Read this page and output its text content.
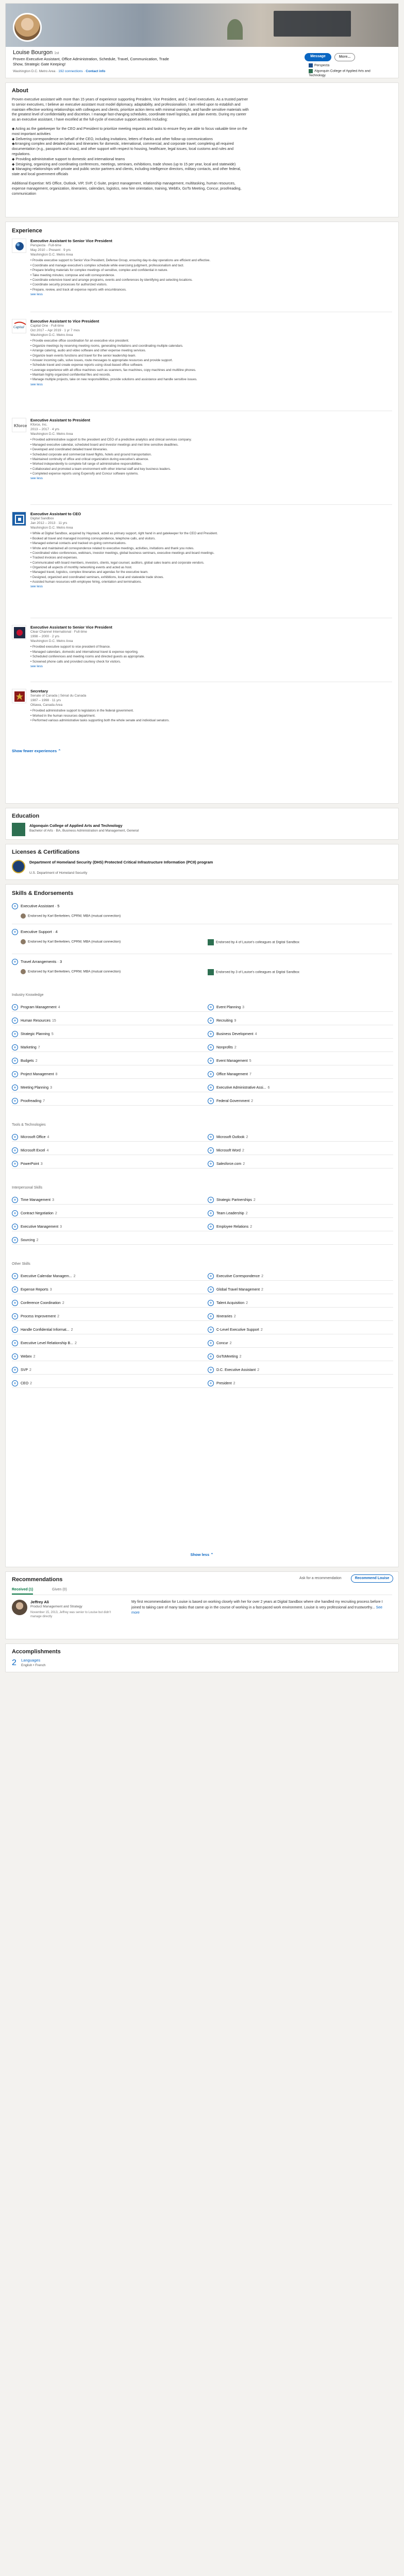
Louise Bourgon 1st
Proven Executive Assistant, Office Administration, Schedule, Travel, Communication, Trade Show, Strategic Gate Keeping!
Washington D.C. Metro Area · 192 connections · Contact info
Message	More...
Perspecta
Algonquin College of Applied Arts and Technology
About
Proven executive assistant with more than 15 years of experience supporting President, Vice President, and C-level executives. As a trusted partner to senior executives, I believe an executive assistant must model diplomacy, adaptability, and professionalism. I am relied upon to establish and maintain effective working relationships with colleagues and clients, prioritize action items with minimal oversight, and handle sensitive materials with the greatest level of confidentiality and discretion. I manage fast-changing schedules, coordinate travel logistics, and plan events. During my career as an executive assistant, I have excelled at the full-cycle of executive support activities including:
◆ Acting as the gatekeeper for the CEO and President to prioritize meeting requests and tasks to ensure they are able to focus valuable time on the most important activities
◆ Delivering correspondence on behalf of the CEO, including invitations, letters of thanks and other follow-up communications
◆Arranging complex and detailed plans and itineraries for domestic, international, commercial, and corporate travel; completing all required documentation (e.g., passports and visas), and other support with respect to housing, healthcare, legal issues, local customs and rules and regulations.
◆ Providing administrative support to domestic and international teams
◆ Designing, organizing and coordinating conferences, meetings, seminars, exhibitions, trade shows (up to 15 per year, local and statewide)
◆ Managing relationships with private and public sector partners and clients, including intelligence directors, military contacts, and other federal, state and local government officials
Additional Expertise: MS Office, Outlook, VIP, SVP, C-Suite, project management, relationship management, multitasking, human resources, expense management, organization, itineraries, calendars, logistics, new hire orientation, training, WebEx, GoTo Meeting, Concur, proofreading, communication
Experience
Executive Assistant to Senior Vice President
Perspecta · Full-time
May 2010 – Present · 9 yrs
Washington D.C. Metro Area
• Provide executive support to Senior Vice President, Defense Group, ensuring day-to-day operations are efficient and effective.
• Coordinate and manage executive's complex schedule while exercising judgment, professionalism and tact.
• Prepare briefing materials for complex meetings of sensitive, complex and confidential in nature.
• Take meeting minutes; compose and edit correspondence.
• Coordinate extensive travel and arrange programs, events and conferences by identifying and selecting locations.
• Coordinate security processes for authorized visitors.
• Prepare, review, and track all expense reports with encumbrances.
see less
Capital
Executive Assistant to Vice President
Capital One · Full-time
Oct 2017 – Apr 2019 · 1 yr 7 mos
Washington D.C. Metro Area
• Provide executive office coordination for an executive vice president.
• Organize meetings by reserving meeting rooms, generating invitations and coordinating multiple calendars.
• Arrange catering, audio and video software and other expense meeting services.
• Organize team events functions and travel for the senior leadership team.
• Answer incoming calls, solve issues, route messages to appropriate resources and provide support.
• Schedule travel and create expense reports using cloud-based office software.
• Leverage experience with all office machines such as scanners, fax machines, copy machines and multiline phones.
• Maintain highly organized confidential files and records.
• Manage multiple projects, take on new responsibilities, provide solutions and assistance and handle sensitive issues.
see less
Kforce
Executive Assistant to President
Kforce, Inc.
2013 – 2017 · 4 yrs
Washington D.C. Metro Area
• Provided administrative support to the president and CEO of a predictive analytics and clinical services company.
• Managed executive calendar, scheduled board and investor meetings and met time sensitive deadlines.
• Developed and coordinated detailed travel itineraries.
• Scheduled corporate and commercial travel flights, hotels and ground transportation.
• Maintained continuity of office and critical organization during executive's absence.
• Worked independently to complete full range of administrative responsibilities.
• Collaborated and promoted a team environment with other internal staff and key business leaders.
• Completed expense reports using Expensify and Concur software systems.
see less
Executive Assistant to CEO
Digital Sandbox
Jan 2012 – 2013 · 11 yrs
Washington D.C. Metro Area
• While at Digital Sandbox, acquired by Haystack, acted as primary support, right hand in and gatekeeper for the CEO and President.
• Booked all travel and managed incoming correspondence, telephone calls, and visitors.
• Managed external contacts and tracked on-going communications.
• Wrote and maintained all correspondence related to executive meetings, activities, invitations and thank you notes.
• Coordinated video conferences, webinars, investor meetings, global business seminars, executive meetings and board meetings.
• Tracked invoices and expenses.
• Communicated with board members, investors, clients, legal counsel, auditors, global sales teams and corporate vendors.
• Organized all aspects of monthly networking events and acted as host.
• Managed travel, logistics, complex itineraries and agendas for the executive team.
• Designed, organized and coordinated seminars, exhibitions, local and statewide trade shows.
• Assisted human resources with employee hiring, orientation and terminations.
see less
Executive Assistant to Senior Vice President
Clear Channel International · Full-time
1998 – 2000 · 2 yrs
Washington D.C. Metro Area
• Provided executive support to vice president of finance.
• Managed calendars, domestic and international travel & expense reporting.
• Scheduled conferences and meeting rooms and directed guests as appropriate.
• Screened phone calls and provided courtesy check for visitors.
see less
Secretary
Senate of Canada | Sénat du Canada
1987 – 1998 · 11 yrs
Ottawa, Canada Area
• Provided administrative support to legislators in the federal government.
• Worked in the human resources department.
• Performed various administrative tasks supporting both the whole senate and individual senators.
Show fewer experiences ⌃
Education
Algonquin College of Applied Arts and Technology
Bachelor of Arts · BA, Business Administration and Management, General
Licenses & Certifications
Department of Homeland Security (DHS) Protected Critical Infrastructure Information (PCII) program
U.S. Department of Homeland Security
Skills & Endorsements
+ Executive Assistant · 5
Endorsed by Karl Berkebien, CPRW, MBA (mutual connection)
+ Executive Support · 4
Endorsed by Karl Berkebien, CPRW, MBA (mutual connection)	Endorsed by 4 of Louise's colleagues at Digital Sandbox
+ Travel Arrangements · 3
Endorsed by Karl Berkebien, CPRW, MBA (mutual connection)	Endorsed by 3 of Louise's colleagues at Digital Sandbox
Industry Knowledge
+ Program Management 4	+ Event Planning 3
+ Human Resources 15	+ Recruiting 9
+ Strategic Planning 5	+ Business Development 4
+ Marketing 7	+ Nonprofits 2
+ Budgets 2	+ Event Management 5
+ Project Management 8	+ Office Management 7
+ Meeting Planning 3	+ Executive Administrative Assi... 6
+ Proofreading 7	+ Federal Government 2
Tools & Technologies
+ Microsoft Office 4	+ Microsoft Outlook 2
+ Microsoft Excel 4	+ Microsoft Word 2
+ PowerPoint 3	+ Salesforce.com 2
Interpersonal Skills
+ Time Management 3	+ Strategic Partnerships 2
+ Contract Negotiation 2	+ Team Leadership 2
+ Executive Management 3	+ Employee Relations 2
+ Sourcing 2
Other Skills
+ Executive Calendar Managem... 2	+ Executive Correspondence 2
+ Expense Reports 3	+ Global Travel Management 2
+ Conference Coordination 2	+ Talent Acquisition 2
+ Process Improvement 2	+ Itineraries 2
+ Handle Confidential Informat... 2	+ C-Level Executive Support 2
+ Executive Level Relationship B... 2	+ Concur 2
+ Webex 2	+ GoToMeeting 2
+ SVP 2	+ D.C. Executive Assistant 2
+ CEO 2	+ President 2
Show less ⌃
Recommendations	Ask for a recommendation	Recommend Louise
Received (1)	Given (0)
Jeffrey Ali
Product Management and Strategy
November 15, 2013, Jeffrey was senior to Louise but didn't manage directly
My first recommendation for Louise is based on working closely with her for over 2 years at Digital Sandbox where she handled my recruiting process before I joined to taking care of many tasks that came up in the course of working in a fast-paced work environment. Louise is very professional and trustworthy... See more
Accomplishments
2 Languages
English • French
